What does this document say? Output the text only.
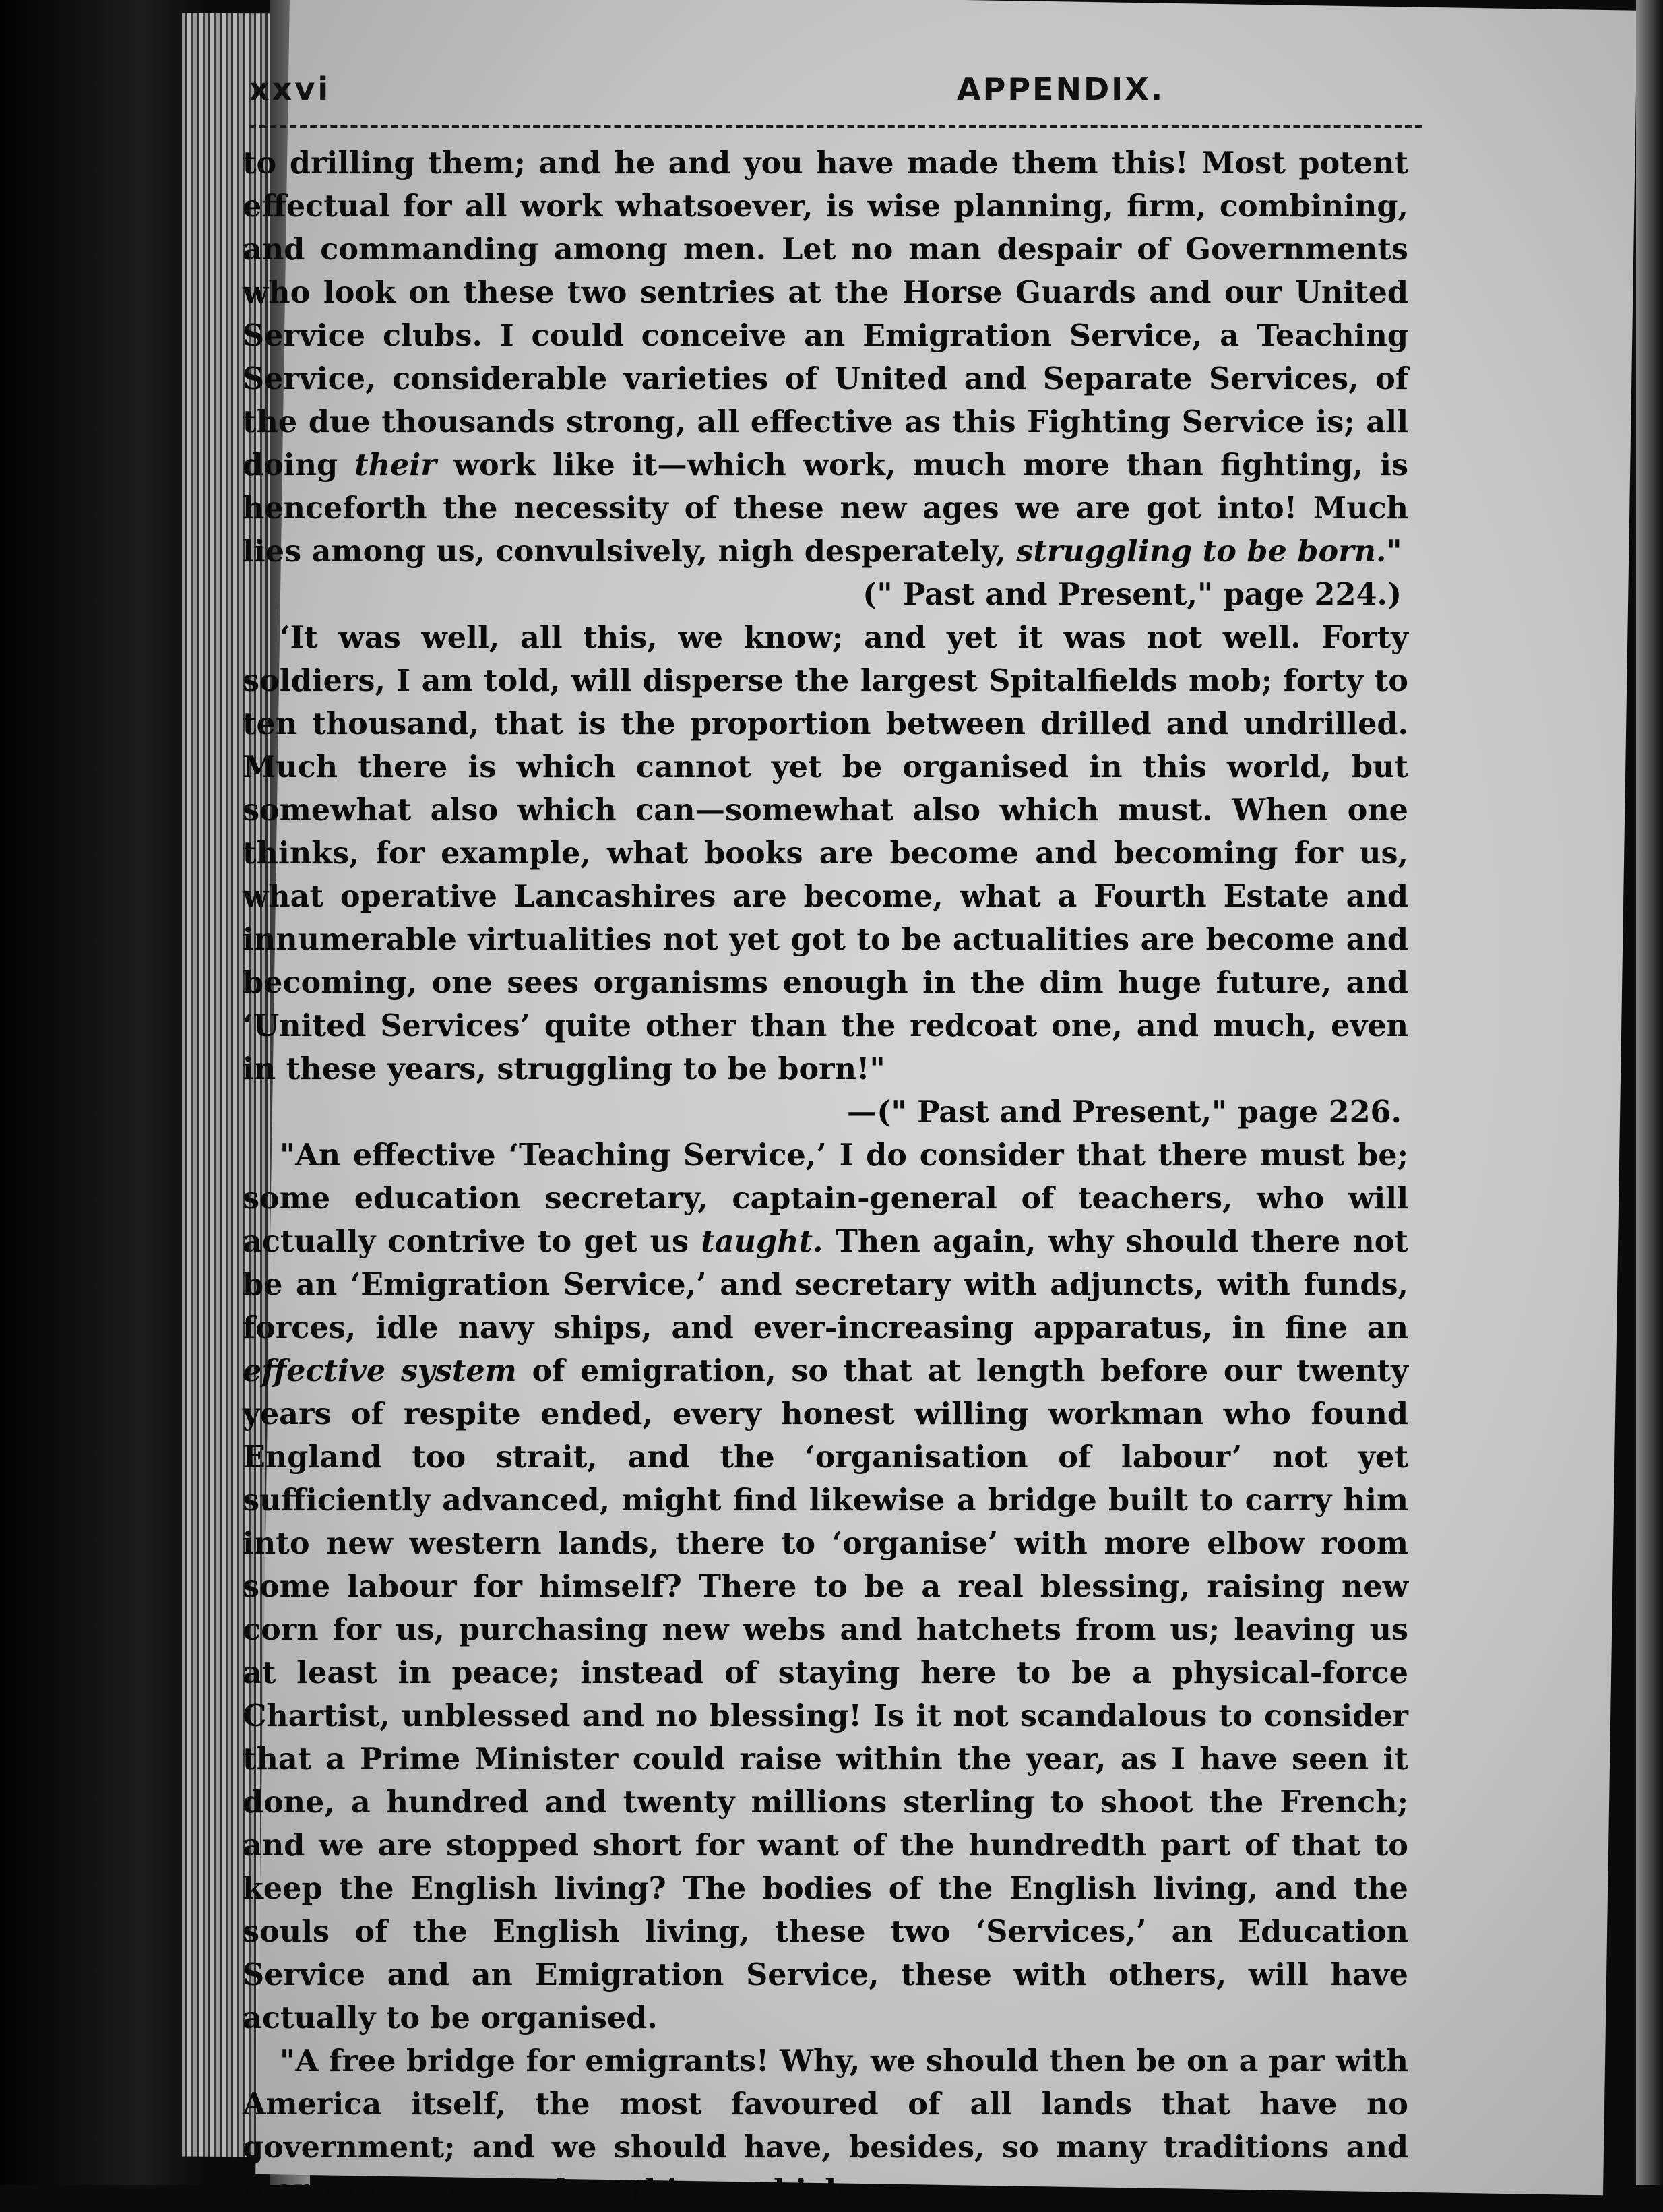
xxvi	APPENDIX.

to drilling them; and he and you have made them this! Most potent effectual for all work whatsoever, is wise planning, firm, combining, and commanding among men. Let no man despair of Governments who look on these two sentries at the Horse Guards and our United Service clubs. I could conceive an Emigration Service, a Teaching Service, considerable varieties of United and Separate Services, of the due thousands strong, all effective as this Fighting Service is; all doing their work like it—which work, much more than fighting, is henceforth the necessity of these new ages we are got into! Much lies among us, convulsively, nigh desperately, struggling to be born."

(" Past and Present," page 224.)

‘It was well, all this, we know; and yet it was not well. Forty soldiers, I am told, will disperse the largest Spitalfields mob; forty to ten thousand, that is the proportion between drilled and undrilled. Much there is which cannot yet be organised in this world, but somewhat also which can—somewhat also which must. When one thinks, for example, what books are become and becoming for us, what operative Lancashires are become, what a Fourth Estate and innumerable virtualities not yet got to be actualities are become and becoming, one sees organisms enough in the dim huge future, and ‘United Services’ quite other than the redcoat one, and much, even in these years, struggling to be born!"

—(" Past and Present," page 226.

"An effective ‘Teaching Service,’ I do consider that there must be; some education secretary, captain-general of teachers, who will actually contrive to get us taught. Then again, why should there not be an ‘Emigration Service,’ and secretary with adjuncts, with funds, forces, idle navy ships, and ever-increasing apparatus, in fine an effective system of emigration, so that at length before our twenty years of respite ended, every honest willing workman who found England too strait, and the ‘organisation of labour’ not yet sufficiently advanced, might find likewise a bridge built to carry him into new western lands, there to ‘organise’ with more elbow room some labour for himself? There to be a real blessing, raising new corn for us, purchasing new webs and hatchets from us; leaving us at least in peace; instead of staying here to be a physical-force Chartist, unblessed and no blessing! Is it not scandalous to consider that a Prime Minister could raise within the year, as I have seen it done, a hundred and twenty millions sterling to shoot the French; and we are stopped short for want of the hundredth part of that to keep the English living? The bodies of the English living, and the souls of the English living, these two ‘Services,’ an Education Service and an Emigration Service, these with others, will have actually to be organised.

"A free bridge for emigrants! Why, we should then be on a par with America itself, the most favoured of all lands that have no government; and we should have, besides, so many traditions and mementos of priceless things which
